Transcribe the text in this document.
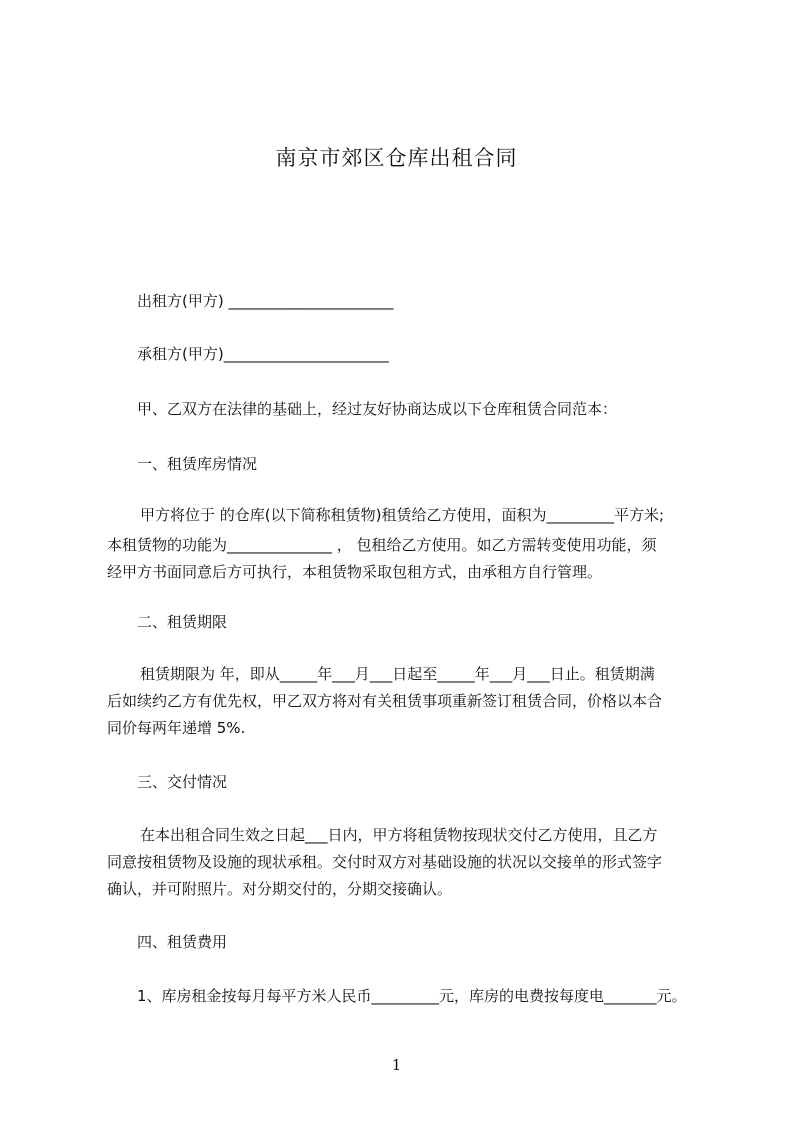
南京市郊区仓库出租合同
出租方(甲方) ______________________
承租方(甲方)______________________
甲、乙双方在法律的基础上，经过友好协商达成以下仓库租赁合同范本：
一、租赁库房情况
甲方将位于 的仓库(以下简称租赁物)租赁给乙方使用，面积为_________平方米;
本租赁物的功能为______________ ， 包租给乙方使用。如乙方需转变使用功能，须
经甲方书面同意后方可执行，本租赁物采取包租方式，由承租方自行管理。
二、租赁期限
租赁期限为 年，即从_____年___月___日起至_____年___月___日止。租赁期满
后如续约乙方有优先权，甲乙双方将对有关租赁事项重新签订租赁合同，价格以本合
同价每两年递增 5%.
三、交付情况
在本出租合同生效之日起___日内，甲方将租赁物按现状交付乙方使用，且乙方
同意按租赁物及设施的现状承租。交付时双方对基础设施的状况以交接单的形式签字
确认，并可附照片。对分期交付的，分期交接确认。
四、租赁费用
1、库房租金按每月每平方米人民币_________元，库房的电费按每度电_______元。
1
